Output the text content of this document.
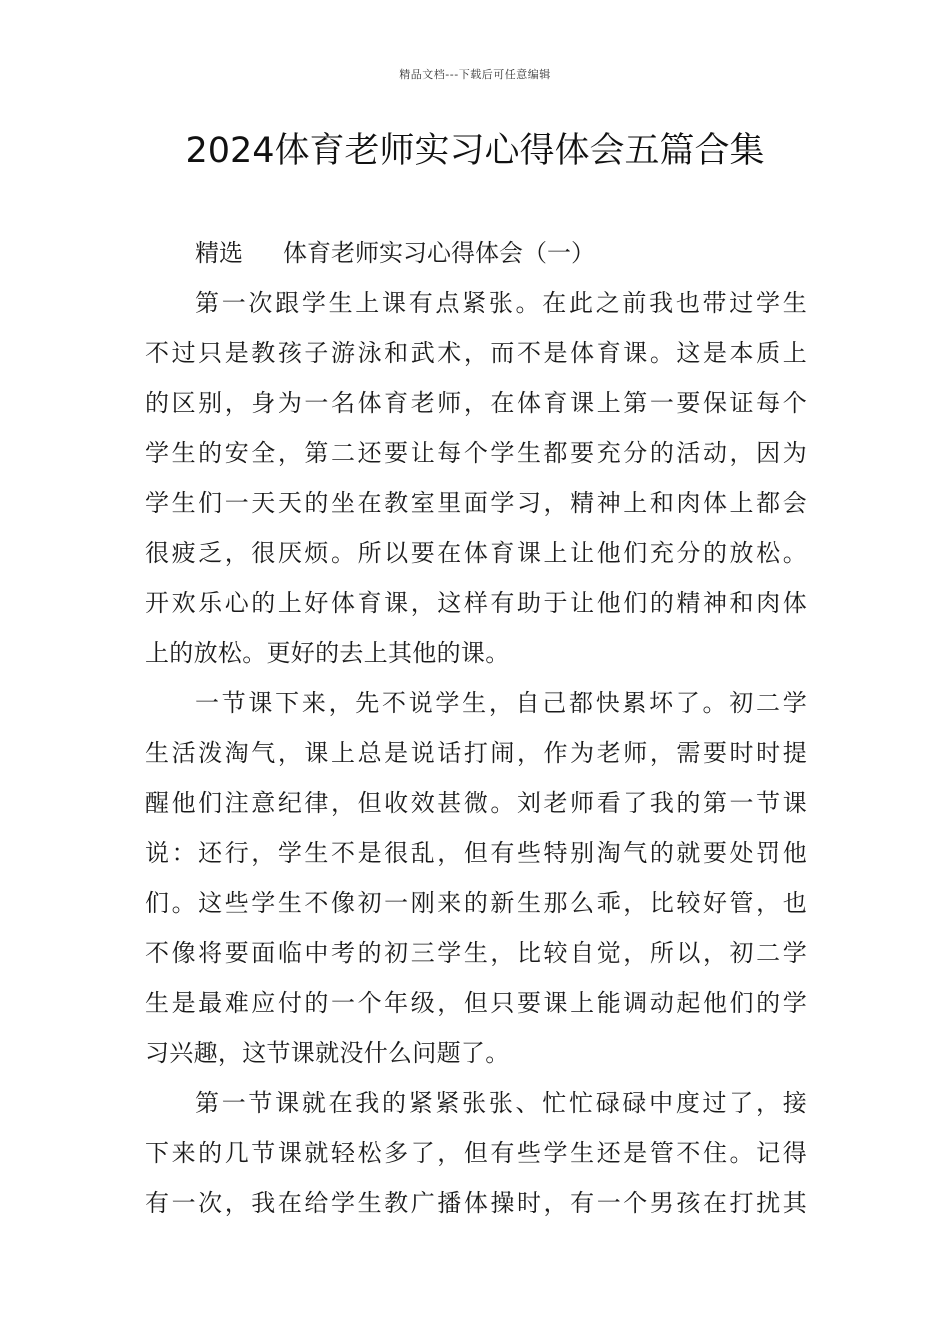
精品文档---下载后可任意编辑
2024体育老师实习心得体会五篇合集
精选 体育老师实习心得体会（一）
第一次跟学生上课有点紧张。在此之前我也带过学生
不过只是教孩子游泳和武术，而不是体育课。这是本质上
的区别，身为一名体育老师，在体育课上第一要保证每个
学生的安全，第二还要让每个学生都要充分的活动，因为
学生们一天天的坐在教室里面学习，精神上和肉体上都会
很疲乏，很厌烦。所以要在体育课上让他们充分的放松。
开欢乐心的上好体育课，这样有助于让他们的精神和肉体
上的放松。更好的去上其他的课。
一节课下来，先不说学生，自己都快累坏了。初二学
生活泼淘气，课上总是说话打闹，作为老师，需要时时提
醒他们注意纪律，但收效甚微。刘老师看了我的第一节课
说：还行，学生不是很乱，但有些特别淘气的就要处罚他
们。这些学生不像初一刚来的新生那么乖，比较好管，也
不像将要面临中考的初三学生，比较自觉，所以，初二学
生是最难应付的一个年级，但只要课上能调动起他们的学
习兴趣，这节课就没什么问题了。
第一节课就在我的紧紧张张、忙忙碌碌中度过了，接
下来的几节课就轻松多了，但有些学生还是管不住。记得
有一次，我在给学生教广播体操时，有一个男孩在打扰其
